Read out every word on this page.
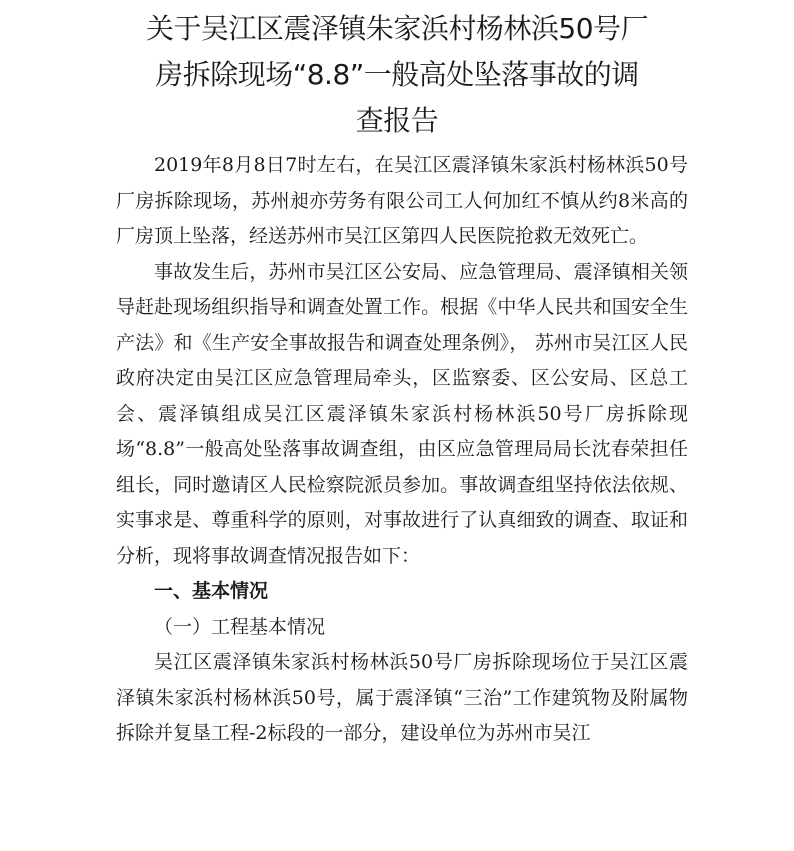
关于吴江区震泽镇朱家浜村杨林浜50号厂
房拆除现场“8.8”一般高处坠落事故的调
查报告

2019年8月8日7时左右，在吴江区震泽镇朱家浜村杨林浜50号厂房拆除现场，苏州昶亦劳务有限公司工人何加红不慎从约8米高的厂房顶上坠落，经送苏州市吴江区第四人民医院抢救无效死亡。

事故发生后，苏州市吴江区公安局、应急管理局、震泽镇相关领导赶赴现场组织指导和调查处置工作。根据《中华人民共和国安全生产法》和《生产安全事故报告和调查处理条例》， 苏州市吴江区人民政府决定由吴江区应急管理局牵头，区监察委、区公安局、区总工会、震泽镇组成吴江区震泽镇朱家浜村杨林浜50号厂房拆除现场“8.8”一般高处坠落事故调查组，由区应急管理局局长沈春荣担任组长，同时邀请区人民检察院派员参加。事故调查组坚持依法依规、实事求是、尊重科学的原则，对事故进行了认真细致的调查、取证和分析，现将事故调查情况报告如下：

一、基本情况

（一）工程基本情况

吴江区震泽镇朱家浜村杨林浜50号厂房拆除现场位于吴江区震泽镇朱家浜村杨林浜50号，属于震泽镇“三治”工作建筑物及附属物拆除并复垦工程-2标段的一部分，建设单位为苏州市吴江
